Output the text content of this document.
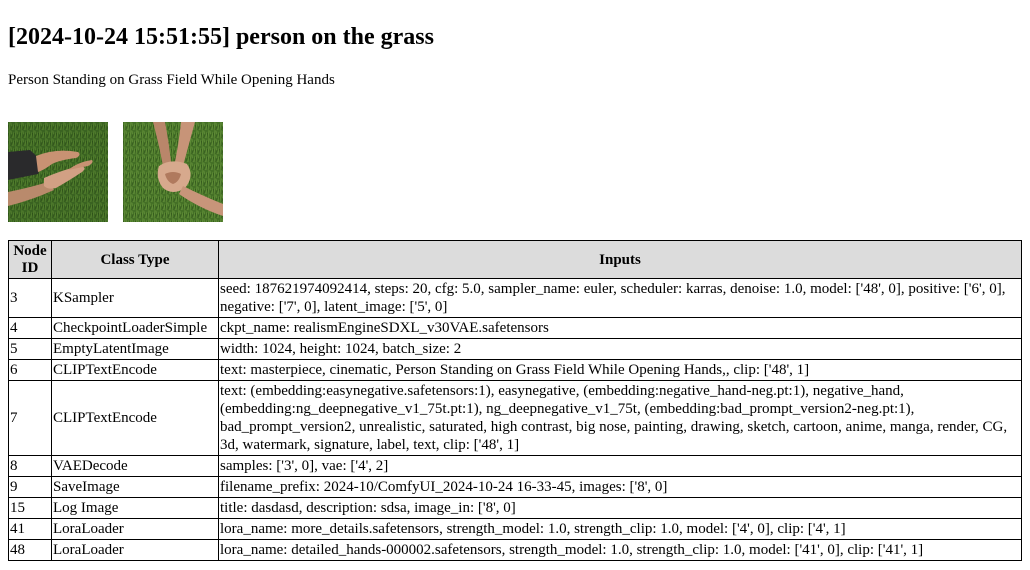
[2024-10-24 15:51:55] person on the grass

Person Standing on Grass Field While Opening Hands

Node ID	Class Type	Inputs
3	KSampler	seed: 187621974092414, steps: 20, cfg: 5.0, sampler_name: euler, scheduler: karras, denoise: 1.0, model: ['48', 0], positive: ['6', 0], negative: ['7', 0], latent_image: ['5', 0]
4	CheckpointLoaderSimple	ckpt_name: realismEngineSDXL_v30VAE.safetensors
5	EmptyLatentImage	width: 1024, height: 1024, batch_size: 2
6	CLIPTextEncode	text: masterpiece, cinematic, Person Standing on Grass Field While Opening Hands,, clip: ['48', 1]
7	CLIPTextEncode	text: (embedding:easynegative.safetensors:1), easynegative, (embedding:negative_hand-neg.pt:1), negative_hand, (embedding:ng_deepnegative_v1_75t.pt:1), ng_deepnegative_v1_75t, (embedding:bad_prompt_version2-neg.pt:1), bad_prompt_version2, unrealistic, saturated, high contrast, big nose, painting, drawing, sketch, cartoon, anime, manga, render, CG, 3d, watermark, signature, label, text, clip: ['48', 1]
8	VAEDecode	samples: ['3', 0], vae: ['4', 2]
9	SaveImage	filename_prefix: 2024-10/ComfyUI_2024-10-24 16-33-45, images: ['8', 0]
15	Log Image	title: dasdasd, description: sdsa, image_in: ['8', 0]
41	LoraLoader	lora_name: more_details.safetensors, strength_model: 1.0, strength_clip: 1.0, model: ['4', 0], clip: ['4', 1]
48	LoraLoader	lora_name: detailed_hands-000002.safetensors, strength_model: 1.0, strength_clip: 1.0, model: ['41', 0], clip: ['41', 1]
